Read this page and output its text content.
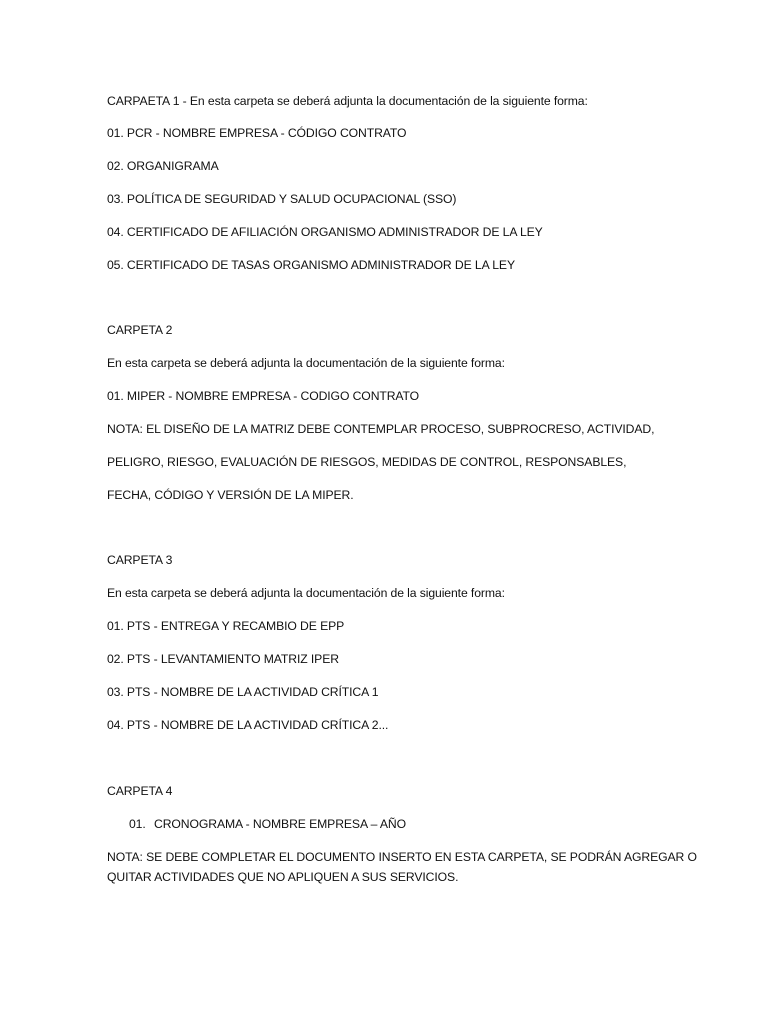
CARPAETA 1 - En esta carpeta se deberá adjunta la documentación de la siguiente forma:
01. PCR - NOMBRE EMPRESA - CÓDIGO CONTRATO
02. ORGANIGRAMA
03. POLÍTICA DE SEGURIDAD Y SALUD OCUPACIONAL (SSO)
04. CERTIFICADO DE AFILIACIÓN ORGANISMO ADMINISTRADOR DE LA LEY
05. CERTIFICADO DE TASAS ORGANISMO ADMINISTRADOR DE LA LEY
CARPETA 2
En esta carpeta se deberá adjunta la documentación de la siguiente forma:
01. MIPER - NOMBRE EMPRESA - CODIGO CONTRATO
NOTA: EL DISEÑO DE LA MATRIZ DEBE CONTEMPLAR PROCESO, SUBPROCRESO, ACTIVIDAD,
PELIGRO, RIESGO, EVALUACIÓN DE RIESGOS, MEDIDAS DE CONTROL, RESPONSABLES,
FECHA, CÓDIGO Y VERSIÓN DE LA MIPER.
CARPETA 3
En esta carpeta se deberá adjunta la documentación de la siguiente forma:
01. PTS - ENTREGA Y RECAMBIO DE EPP
02. PTS - LEVANTAMIENTO MATRIZ IPER
03. PTS - NOMBRE DE LA ACTIVIDAD CRÍTICA 1
04. PTS - NOMBRE DE LA ACTIVIDAD CRÍTICA 2...
CARPETA 4
01. CRONOGRAMA - NOMBRE EMPRESA – AÑO
NOTA: SE DEBE COMPLETAR EL DOCUMENTO INSERTO EN ESTA CARPETA, SE PODRÁN AGREGAR O
QUITAR ACTIVIDADES QUE NO APLIQUEN A SUS SERVICIOS.
